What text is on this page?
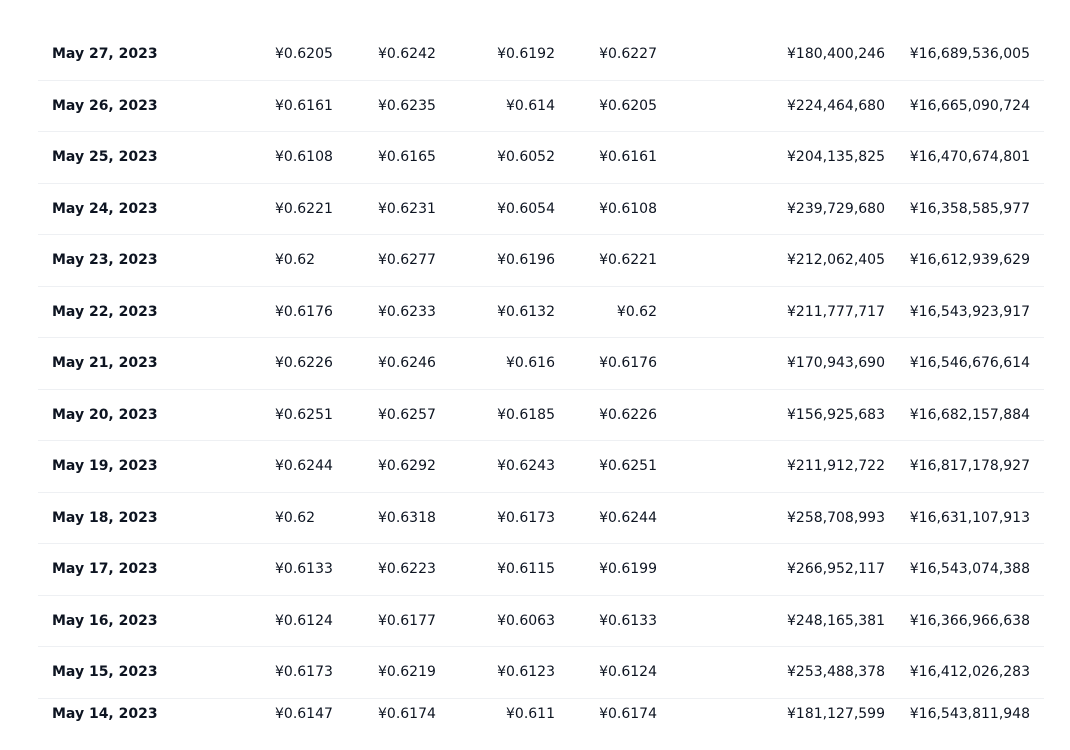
May 27, 2023	¥0.6205	¥0.6242	¥0.6192	¥0.6227	¥180,400,246 ¥16,689,536,005
May 26, 2023	¥0.6161	¥0.6235	¥0.614	¥0.6205	¥224,464,680 ¥16,665,090,724
May 25, 2023	¥0.6108	¥0.6165	¥0.6052	¥0.6161	¥204,135,825 ¥16,470,674,801
May 24, 2023	¥0.6221	¥0.6231	¥0.6054	¥0.6108	¥239,729,680 ¥16,358,585,977
May 23, 2023	¥0.62	¥0.6277	¥0.6196	¥0.6221	¥212,062,405 ¥16,612,939,629
May 22, 2023	¥0.6176	¥0.6233	¥0.6132	¥0.62	¥211,777,717 ¥16,543,923,917
May 21, 2023	¥0.6226	¥0.6246	¥0.616	¥0.6176	¥170,943,690 ¥16,546,676,614
May 20, 2023	¥0.6251	¥0.6257	¥0.6185	¥0.6226	¥156,925,683 ¥16,682,157,884
May 19, 2023	¥0.6244	¥0.6292	¥0.6243	¥0.6251	¥211,912,722 ¥16,817,178,927
May 18, 2023	¥0.62	¥0.6318	¥0.6173	¥0.6244	¥258,708,993 ¥16,631,107,913
May 17, 2023	¥0.6133	¥0.6223	¥0.6115	¥0.6199	¥266,952,117 ¥16,543,074,388
May 16, 2023	¥0.6124	¥0.6177	¥0.6063	¥0.6133	¥248,165,381 ¥16,366,966,638
May 15, 2023	¥0.6173	¥0.6219	¥0.6123	¥0.6124	¥253,488,378 ¥16,412,026,283
May 14, 2023	¥0.6147	¥0.6174	¥0.611	¥0.6174	¥181,127,599 ¥16,543,811,948
